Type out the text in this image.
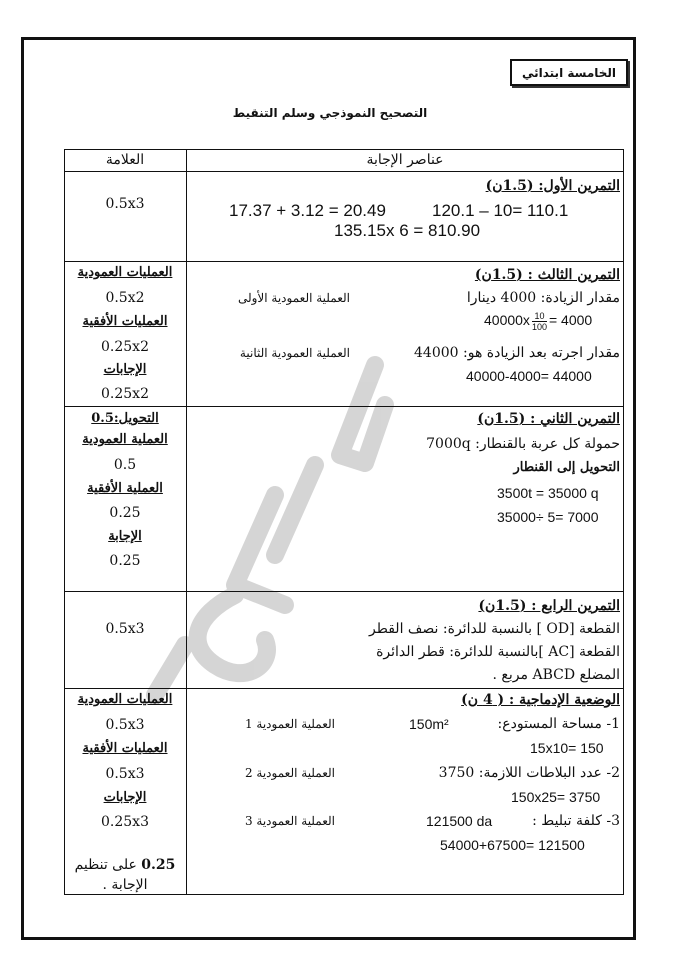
الخامسة ابتدائي
التصحيح النموذجي وسلم التنقيط
عناصر الإجابة
العلامة
التمرين الأول: (1.5ن)
120.1 – 10= 110.1
17.37 + 3.12 = 20.49
135.15x 6 = 810.90
0.5x3
التمرين الثالث : (1.5ن)
مقدار الزيادة: 4000 دينارا
العملية العمودية الأولى
$40000x \frac{10}{100} = 4000$
مقدار اجرته بعد الزيادة هو: 44000
العملية العمودية الثانية
40000-4000= 44000
العمليات العمودية
0.5x2
العمليات الأفقية
0.25x2
الإجابات
0.25x2
التمرين الثاني : (1.5ن)
حمولة كل عربة بالقنطار: 7000q
التحويل إلى القنطار
3500t = 35000 q
35000÷ 5= 7000
التحويل:0.5
العملية العمودية
0.5
العملية الأفقية
0.25
الإجابة
0.25
التمرين الرابع : (1.5ن)
القطعة [OD ] بالنسبة للدائرة: نصف القطر
القطعة [AC ]بالنسبة للدائرة: قطر الدائرة
المضلع ABCD مربع .
0.5x3
الوضعية الإدماجية : ( 4 ن)
1- مساحة المستودع:
150m²
العملية العمودية 1
15x10= 150
2- عدد البلاطات اللازمة: 3750
العملية العمودية 2
150x25= 3750
3- كلفة تبليط :
121500 da
العملية العمودية 3
54000+67500= 121500
العمليات العمودية
0.5x3
العمليات الأفقية
0.5x3
الإجابات
0.25x3
0.25 على تنظيم
الإجابة .
